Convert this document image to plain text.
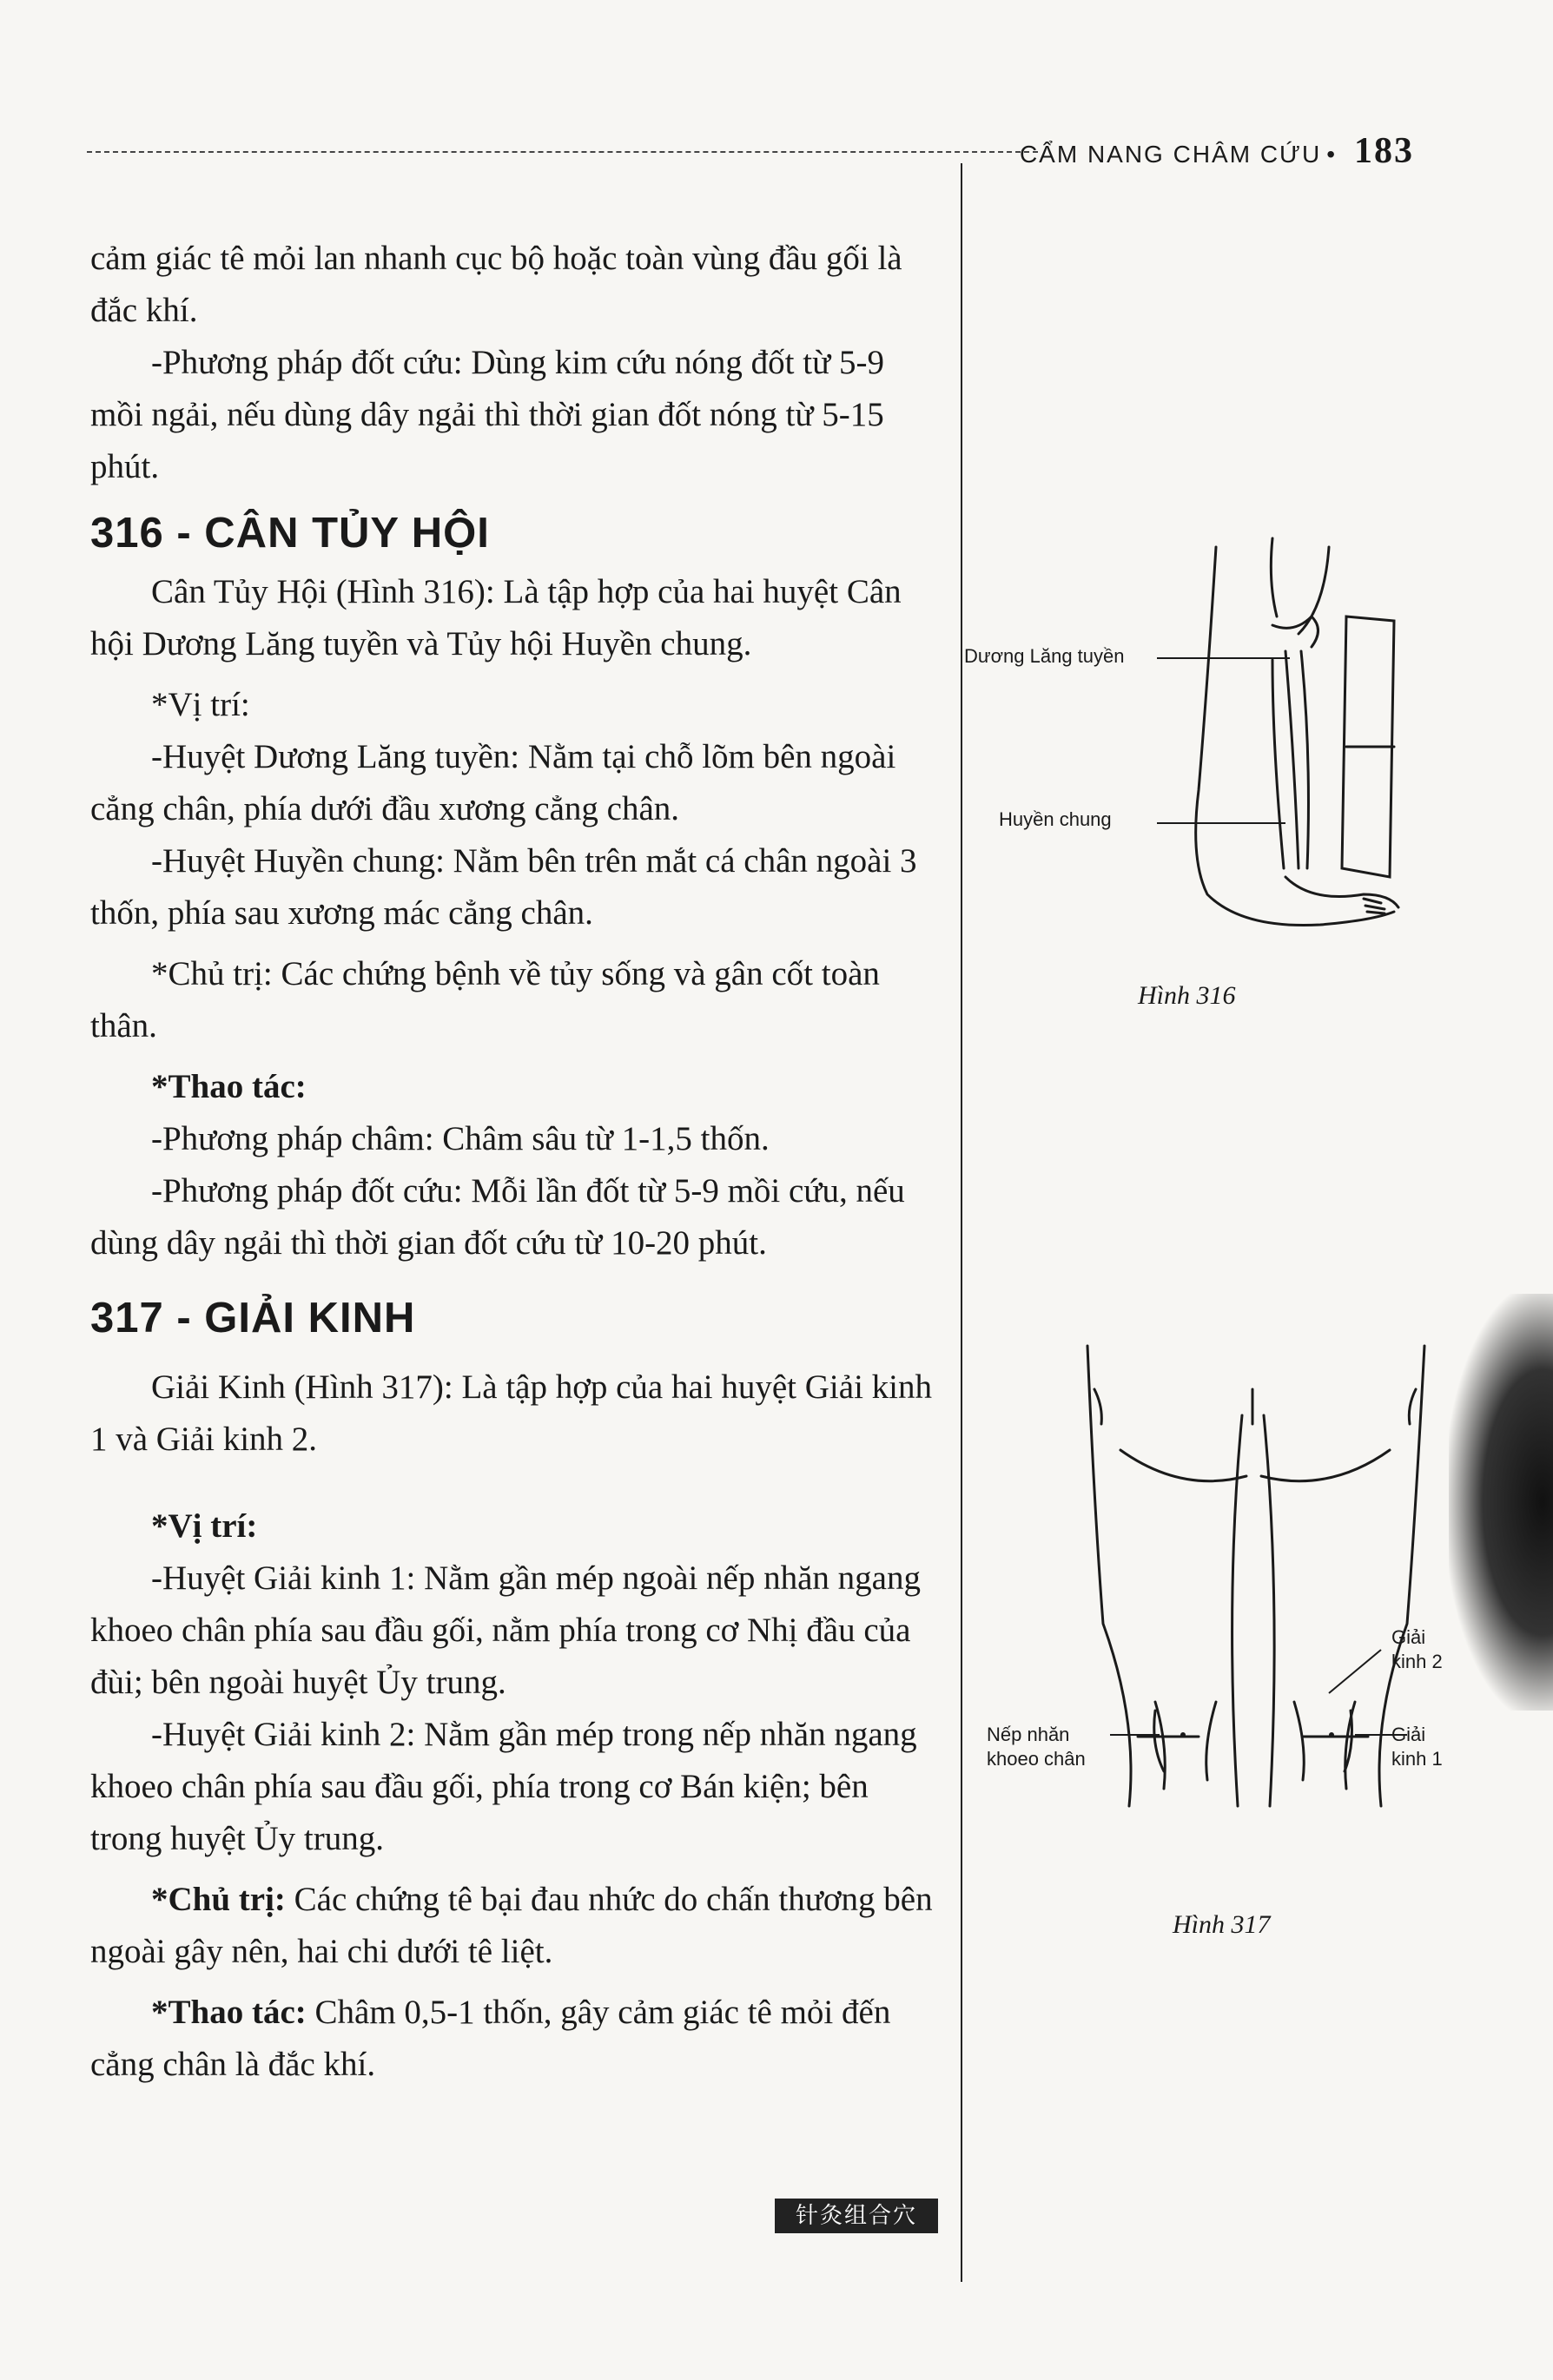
CẨM NANG CHÂM CỨU • 183

cảm giác tê mỏi lan nhanh cục bộ hoặc toàn vùng đầu gối là đắc khí.

-Phương pháp đốt cứu: Dùng kim cứu nóng đốt từ 5-9 mồi ngải, nếu dùng dây ngải thì thời gian đốt nóng từ 5-15 phút.

316 - CÂN TỦY HỘI

Cân Tủy Hội (Hình 316): Là tập hợp của hai huyệt Cân hội Dương Lăng tuyền và Tủy hội Huyền chung.

*Vị trí:

-Huyệt Dương Lăng tuyền: Nằm tại chỗ lõm bên ngoài cẳng chân, phía dưới đầu xương cẳng chân.

-Huyệt Huyền chung: Nằm bên trên mắt cá chân ngoài 3 thốn, phía sau xương mác cẳng chân.

*Chủ trị: Các chứng bệnh về tủy sống và gân cốt toàn thân.

*Thao tác:

-Phương pháp châm: Châm sâu từ 1-1,5 thốn.

-Phương pháp đốt cứu: Mỗi lần đốt từ 5-9 mồi cứu, nếu dùng dây ngải thì thời gian đốt cứu từ 10-20 phút.

317 - GIẢI KINH

Giải Kinh (Hình 317): Là tập hợp của hai huyệt Giải kinh 1 và Giải kinh 2.

*Vị trí:

-Huyệt Giải kinh 1: Nằm gần mép ngoài nếp nhăn ngang khoeo chân phía sau đầu gối, nằm phía trong cơ Nhị đầu của đùi; bên ngoài huyệt Ủy trung.

-Huyệt Giải kinh 2: Nằm gần mép trong nếp nhăn ngang khoeo chân phía sau đầu gối, phía trong cơ Bán kiện; bên trong huyệt Ủy trung.

*Chủ trị: Các chứng tê bại đau nhức do chấn thương bên ngoài gây nên, hai chi dưới tê liệt.

*Thao tác: Châm 0,5-1 thốn, gây cảm giác tê mỏi đến cẳng chân là đắc khí.

Dương Lăng tuyền
Huyền chung
Hình 316
Nếp nhăn
khoeo chân
Giải
kinh 2
Giải
kinh 1
Hình 317
针灸组合穴
